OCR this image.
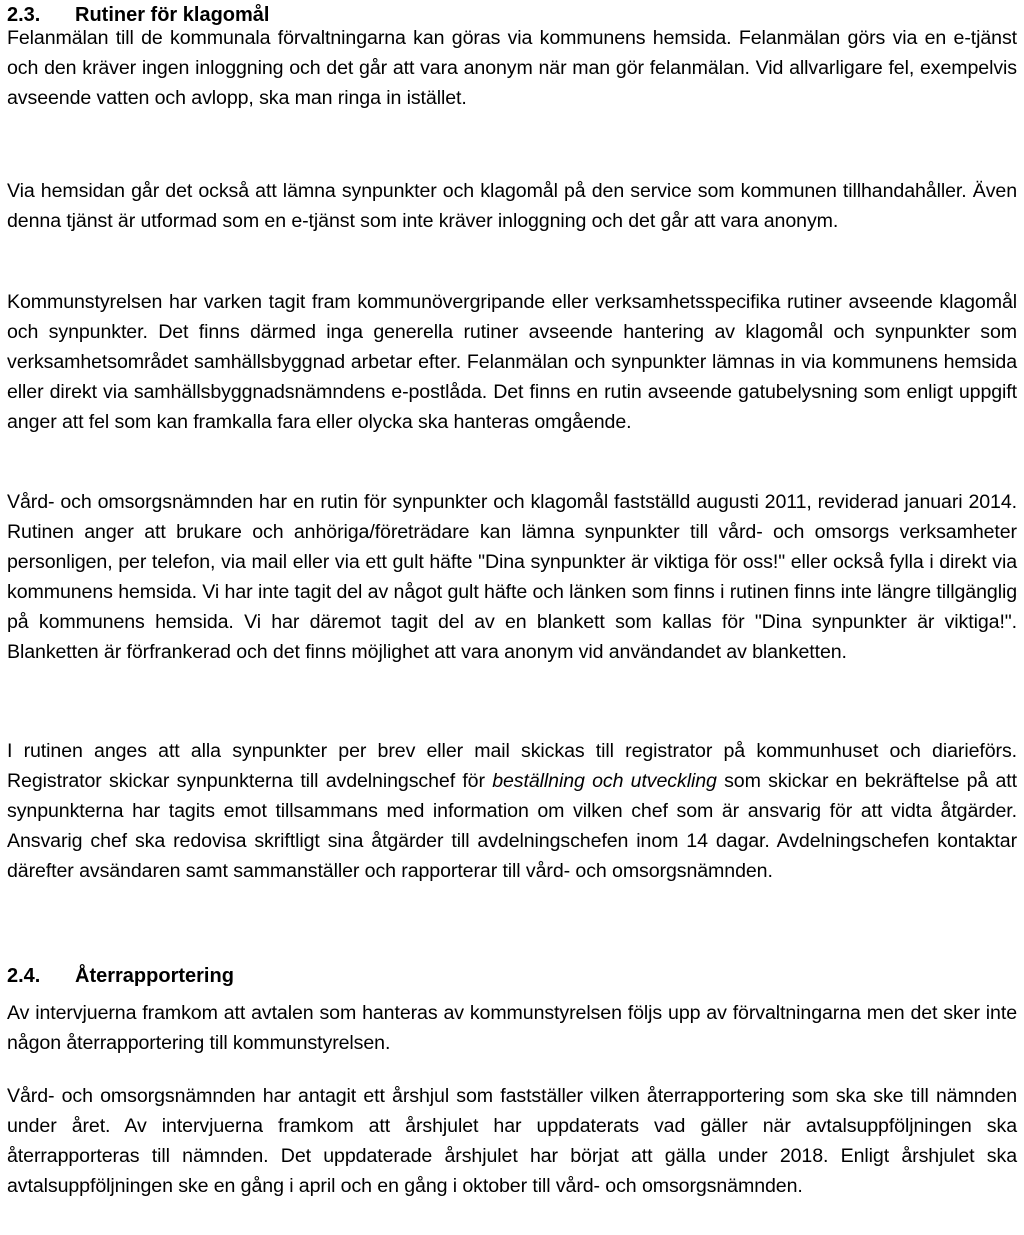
2.3. Rutiner för klagomål

Felanmälan till de kommunala förvaltningarna kan göras via kommunens hemsida. Felanmälan görs via en e-tjänst och den kräver ingen inloggning och det går att vara anonym när man gör felanmälan. Vid allvarligare fel, exempelvis avseende vatten och avlopp, ska man ringa in istället.

Via hemsidan går det också att lämna synpunkter och klagomål på den service som kommunen tillhandahåller. Även denna tjänst är utformad som en e-tjänst som inte kräver inloggning och det går att vara anonym.

Kommunstyrelsen har varken tagit fram kommunövergripande eller verksamhetsspecifika rutiner avseende klagomål och synpunkter. Det finns därmed inga generella rutiner avseende hantering av klagomål och synpunkter som verksamhetsområdet samhällsbyggnad arbetar efter. Felanmälan och synpunkter lämnas in via kommunens hemsida eller direkt via samhällsbyggnadsnämndens e-postlåda. Det finns en rutin avseende gatubelysning som enligt uppgift anger att fel som kan framkalla fara eller olycka ska hanteras omgående.

Vård- och omsorgsnämnden har en rutin för synpunkter och klagomål fastställd augusti 2011, reviderad januari 2014. Rutinen anger att brukare och anhöriga/företrädare kan lämna synpunkter till vård- och omsorgs verksamheter personligen, per telefon, via mail eller via ett gult häfte "Dina synpunkter är viktiga för oss!" eller också fylla i direkt via kommunens hemsida. Vi har inte tagit del av något gult häfte och länken som finns i rutinen finns inte längre tillgänglig på kommunens hemsida. Vi har däremot tagit del av en blankett som kallas för "Dina synpunkter är viktiga!". Blanketten är förfrankerad och det finns möjlighet att vara anonym vid användandet av blanketten.

I rutinen anges att alla synpunkter per brev eller mail skickas till registrator på kommunhuset och diarieförs. Registrator skickar synpunkterna till avdelningschef för beställning och utveckling som skickar en bekräftelse på att synpunkterna har tagits emot tillsammans med information om vilken chef som är ansvarig för att vidta åtgärder. Ansvarig chef ska redovisa skriftligt sina åtgärder till avdelningschefen inom 14 dagar. Avdelningschefen kontaktar därefter avsändaren samt sammanställer och rapporterar till vård- och omsorgsnämnden.

2.4. Återrapportering

Av intervjuerna framkom att avtalen som hanteras av kommunstyrelsen följs upp av förvaltningarna men det sker inte någon återrapportering till kommunstyrelsen.

Vård- och omsorgsnämnden har antagit ett årshjul som fastställer vilken återrapportering som ska ske till nämnden under året. Av intervjuerna framkom att årshjulet har uppdaterats vad gäller när avtalsuppföljningen ska återrapporteras till nämnden. Det uppdaterade årshjulet har börjat att gälla under 2018. Enligt årshjulet ska avtalsuppföljningen ske en gång i april och en gång i oktober till vård- och omsorgsnämnden.
